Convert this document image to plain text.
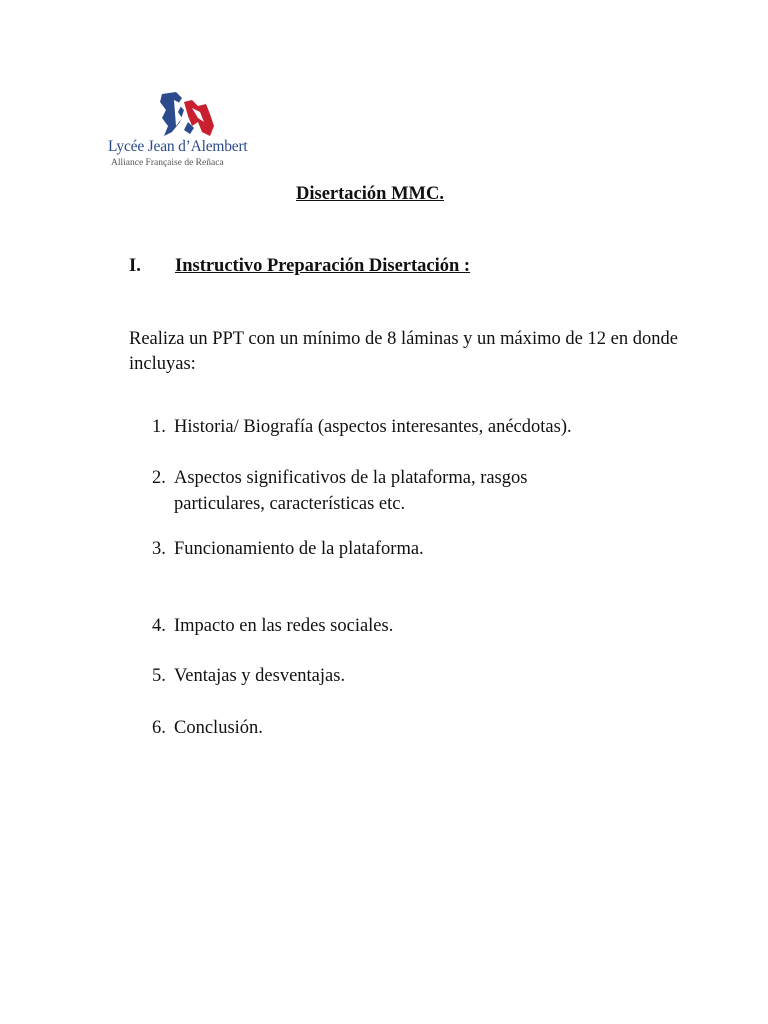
Lycée Jean d’Alembert
Alliance Française de Reñaca
Disertación MMC.
I. Instructivo Preparación Disertación :
Realiza un PPT con un mínimo de 8 láminas y un máximo de 12 en donde incluyas:
1. Historia/ Biografía (aspectos interesantes, anécdotas).
2. Aspectos significativos de la plataforma, rasgos particulares, características etc.
3. Funcionamiento de la plataforma.
4. Impacto en las redes sociales.
5. Ventajas y desventajas.
6. Conclusión.
